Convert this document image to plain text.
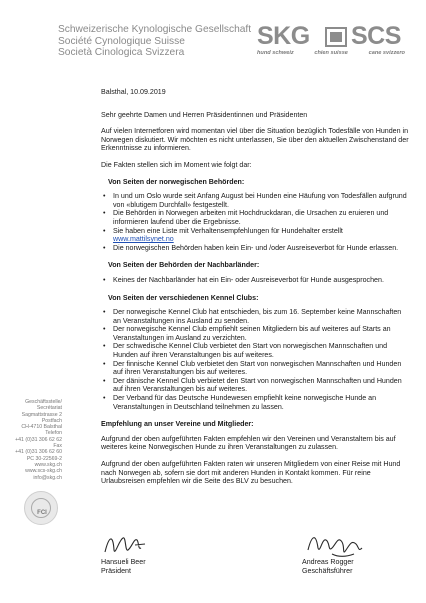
Schweizerische Kynologische Gesellschaft
Société Cynologique Suisse
Società Cinologica Svizzera
SKG SCS
hund schweiz	chien suisse	cane svizzero
Balsthal, 10.09.2019
Sehr geehrte Damen und Herren Präsidentinnen und Präsidenten
Auf vielen Internetforen wird momentan viel über die Situation bezüglich Todesfälle von Hunden in Norwegen diskutiert. Wir möchten es nicht unterlassen, Sie über den aktuellen Zwischenstand der Erkenntnisse zu informieren.
Die Fakten stellen sich im Moment wie folgt dar:
Von Seiten der norwegischen Behörden:
• In und um Oslo wurde seit Anfang August bei Hunden eine Häufung von Todesfällen aufgrund von «blutigem Durchfall» festgestellt.
• Die Behörden in Norwegen arbeiten mit Hochdruckdaran, die Ursachen zu eruieren und informieren laufend über die Ergebnisse.
• Sie haben eine Liste mit Verhaltensempfehlungen für Hundehalter erstellt
www.mattilsynet.no
• Die norwegischen Behörden haben kein Ein- und /oder Ausreiseverbot für Hunde erlassen.
Von Seiten der Behörden der Nachbarländer:
• Keines der Nachbarländer hat ein Ein- oder Ausreiseverbot für Hunde ausgesprochen.
Von Seiten der verschiedenen Kennel Clubs:
• Der norwegische Kennel Club hat entschieden, bis zum 16. September keine Mannschaften an Veranstaltungen ins Ausland zu senden.
• Der norwegische Kennel Club empfiehlt seinen Mitgliedern bis auf weiteres auf Starts an Veranstaltungen im Ausland zu verzichten.
• Der schwedische Kennel Club verbietet den Start von norwegischen Mannschaften und Hunden auf ihren Veranstaltungen bis auf weiteres.
• Der finnische Kennel Club verbietet den Start von norwegischen Mannschaften und Hunden auf ihren Veranstaltungen bis auf weiteres.
• Der dänische Kennel Club verbietet den Start von norwegischen Mannschaften und Hunden auf ihren Veranstaltungen bis auf weiteres.
• Der Verband für das Deutsche Hundewesen empfiehlt keine norwegische Hunde an Veranstaltungen in Deutschland teilnehmen zu lassen.
Empfehlung an unser Vereine und Mitglieder:
Aufgrund der oben aufgeführten Fakten empfehlen wir den Vereinen und Veranstaltern bis auf weiteres keine Norwegischen Hunde zu ihren Veranstaltungen zu zulassen.
Aufgrund der oben aufgeführten Fakten raten wir unseren Mitgliedern von einer Reise mit Hund nach Norwegen ab, sofern sie dort mit anderen Hunden in Kontakt kommen. Für reine Urlaubsreisen empfehlen wir die Seite des BLV zu besuchen.
Geschäftsstelle/
Secrétariat
Sagmattstrasse 2
Postfach
CH-4710 Balsthal
Telefon
+41 (0)31 306 62 62
Fax
+41 (0)31 306 62 60
PC 30-22569-2
www.skg.ch
www.scs-skg.ch
info@skg.ch
FCI
Hansueli Beer
Präsident
Andreas Rogger
Geschäftsführer
